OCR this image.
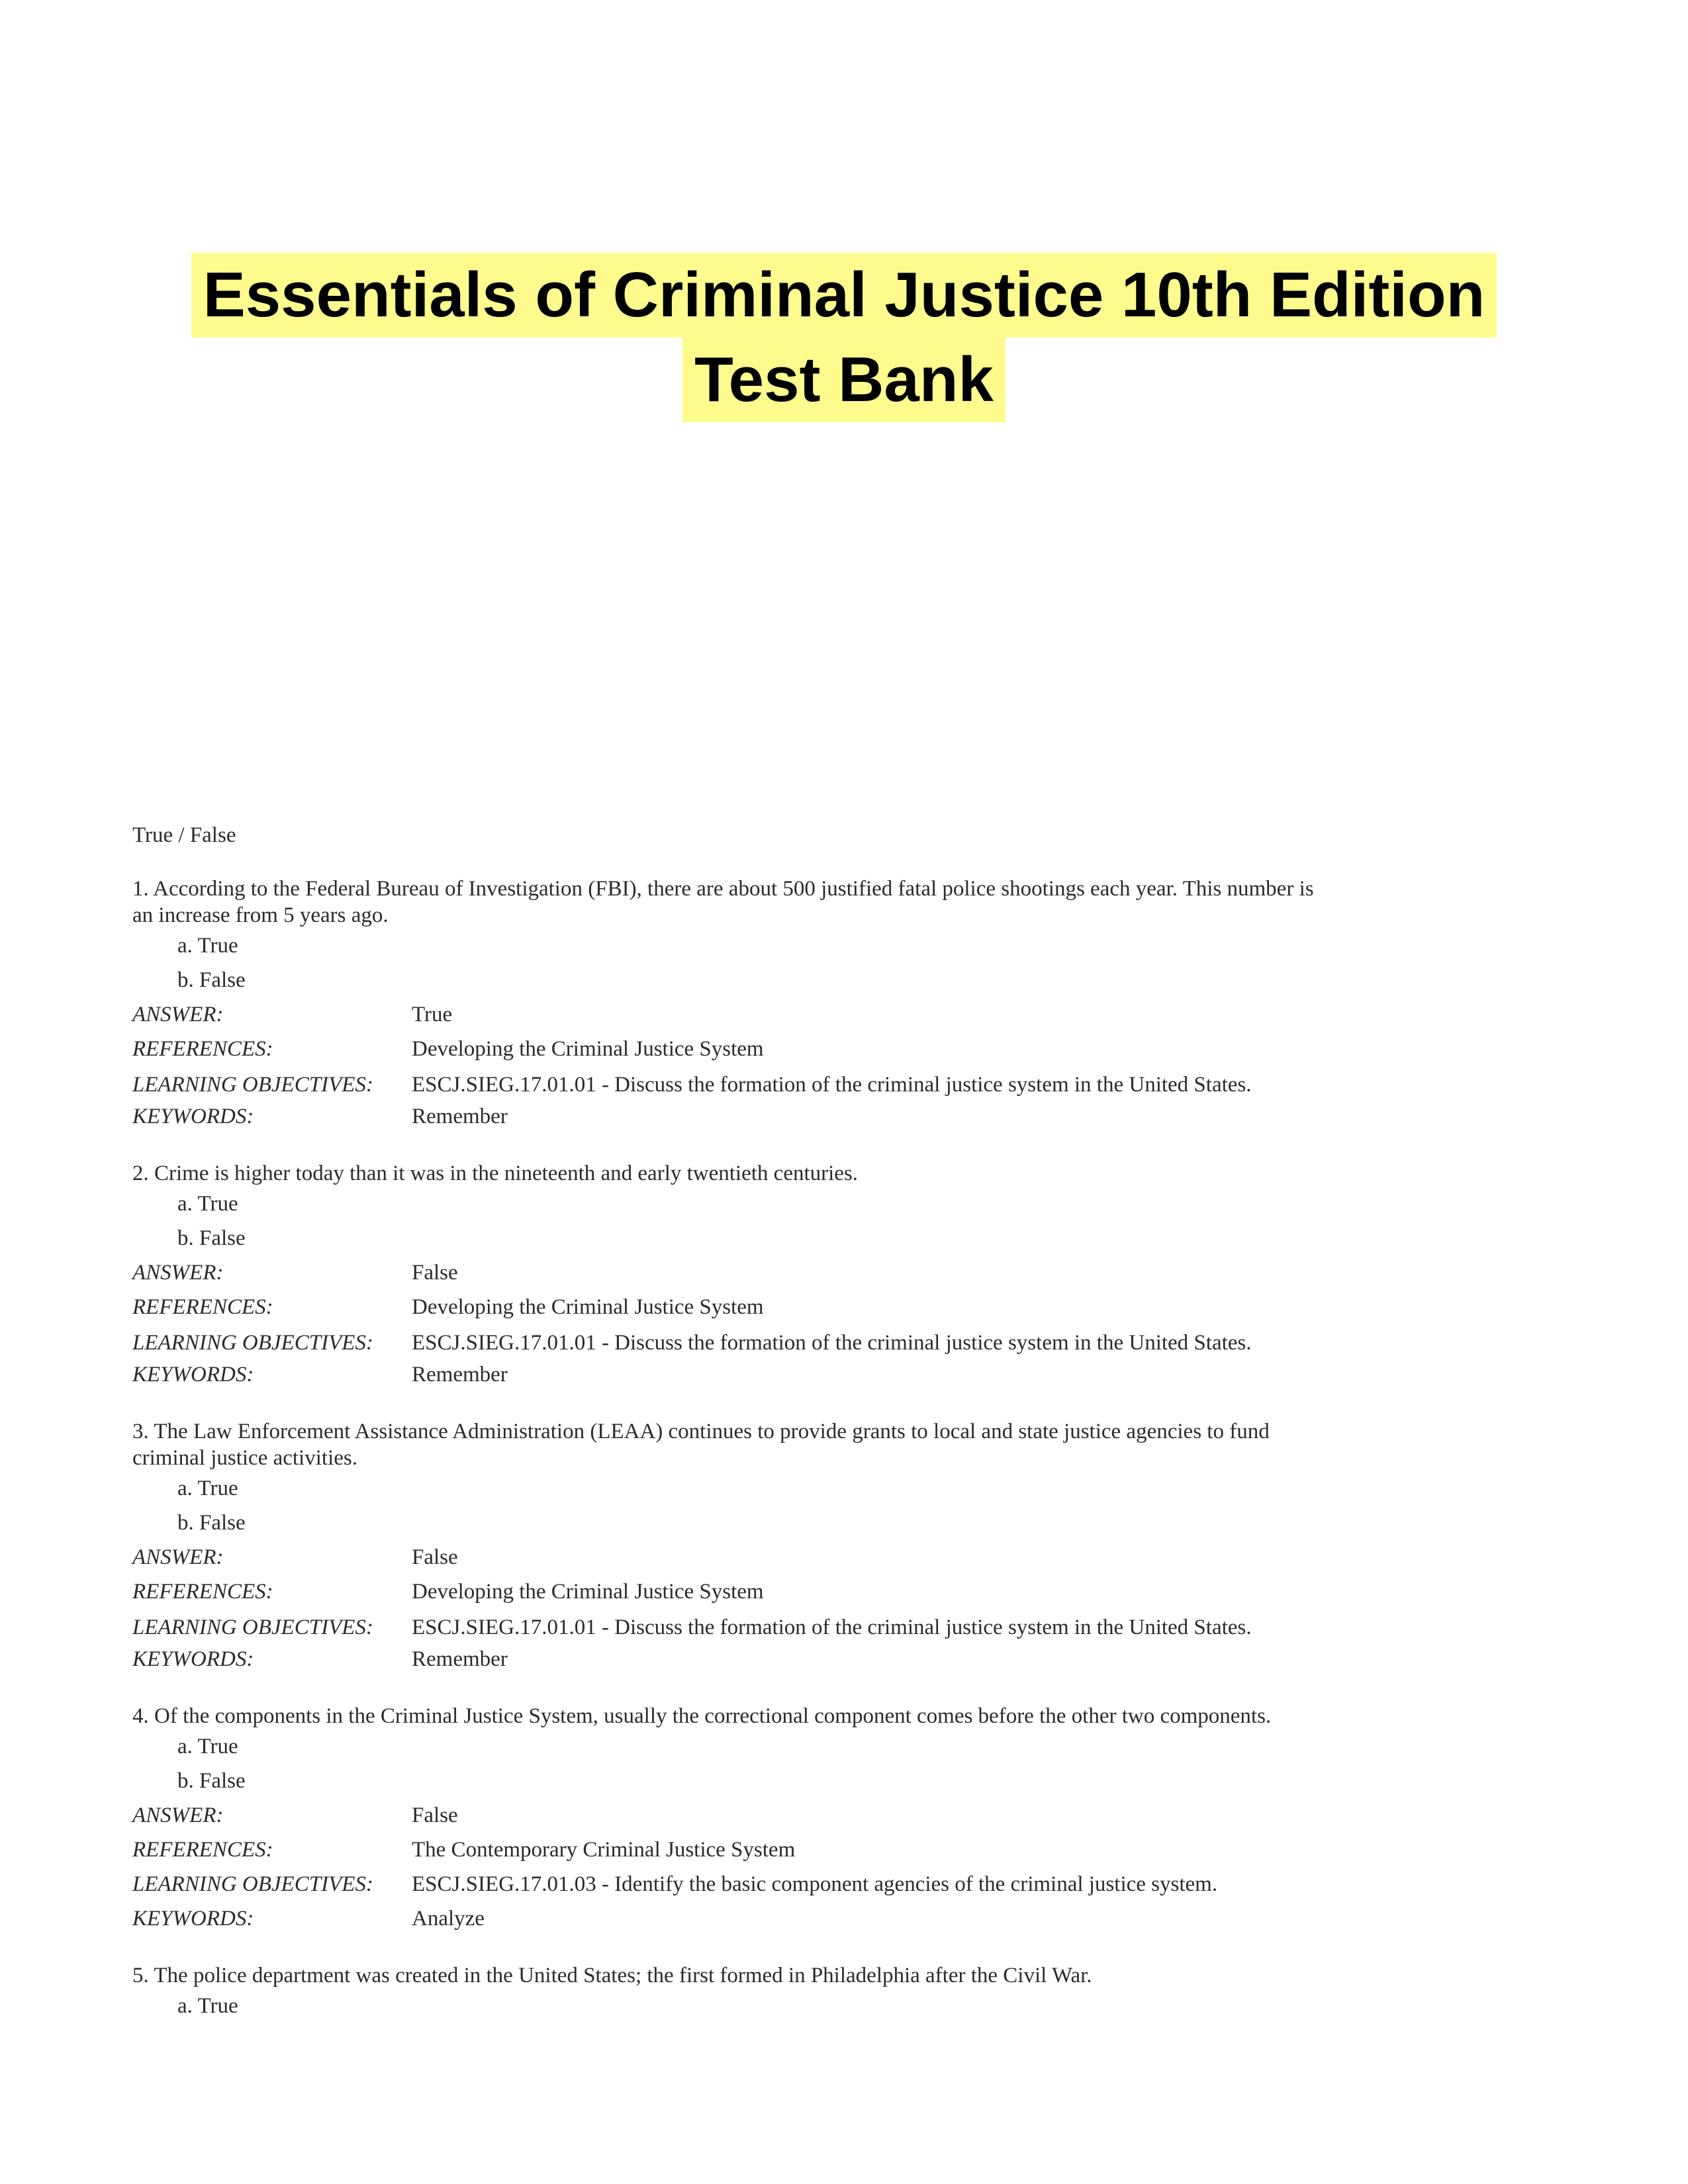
Essentials of Criminal Justice 10th Edition
Test Bank
True / False
1. According to the Federal Bureau of Investigation (FBI), there are about 500 justified fatal police shootings each year. This number is an increase from 5 years ago.
a. True
b. False
ANSWER:	True
REFERENCES:	Developing the Criminal Justice System
LEARNING OBJECTIVES:	ESCJ.SIEG.17.01.01 - Discuss the formation of the criminal justice system in the United States.
KEYWORDS:	Remember
2. Crime is higher today than it was in the nineteenth and early twentieth centuries.
a. True
b. False
ANSWER:	False
REFERENCES:	Developing the Criminal Justice System
LEARNING OBJECTIVES:	ESCJ.SIEG.17.01.01 - Discuss the formation of the criminal justice system in the United States.
KEYWORDS:	Remember
3. The Law Enforcement Assistance Administration (LEAA) continues to provide grants to local and state justice agencies to fund criminal justice activities.
a. True
b. False
ANSWER:	False
REFERENCES:	Developing the Criminal Justice System
LEARNING OBJECTIVES:	ESCJ.SIEG.17.01.01 - Discuss the formation of the criminal justice system in the United States.
KEYWORDS:	Remember
4. Of the components in the Criminal Justice System, usually the correctional component comes before the other two components.
a. True
b. False
ANSWER:	False
REFERENCES:	The Contemporary Criminal Justice System
LEARNING OBJECTIVES:	ESCJ.SIEG.17.01.03 - Identify the basic component agencies of the criminal justice system.
KEYWORDS:	Analyze
5. The police department was created in the United States; the first formed in Philadelphia after the Civil War.
a. True
